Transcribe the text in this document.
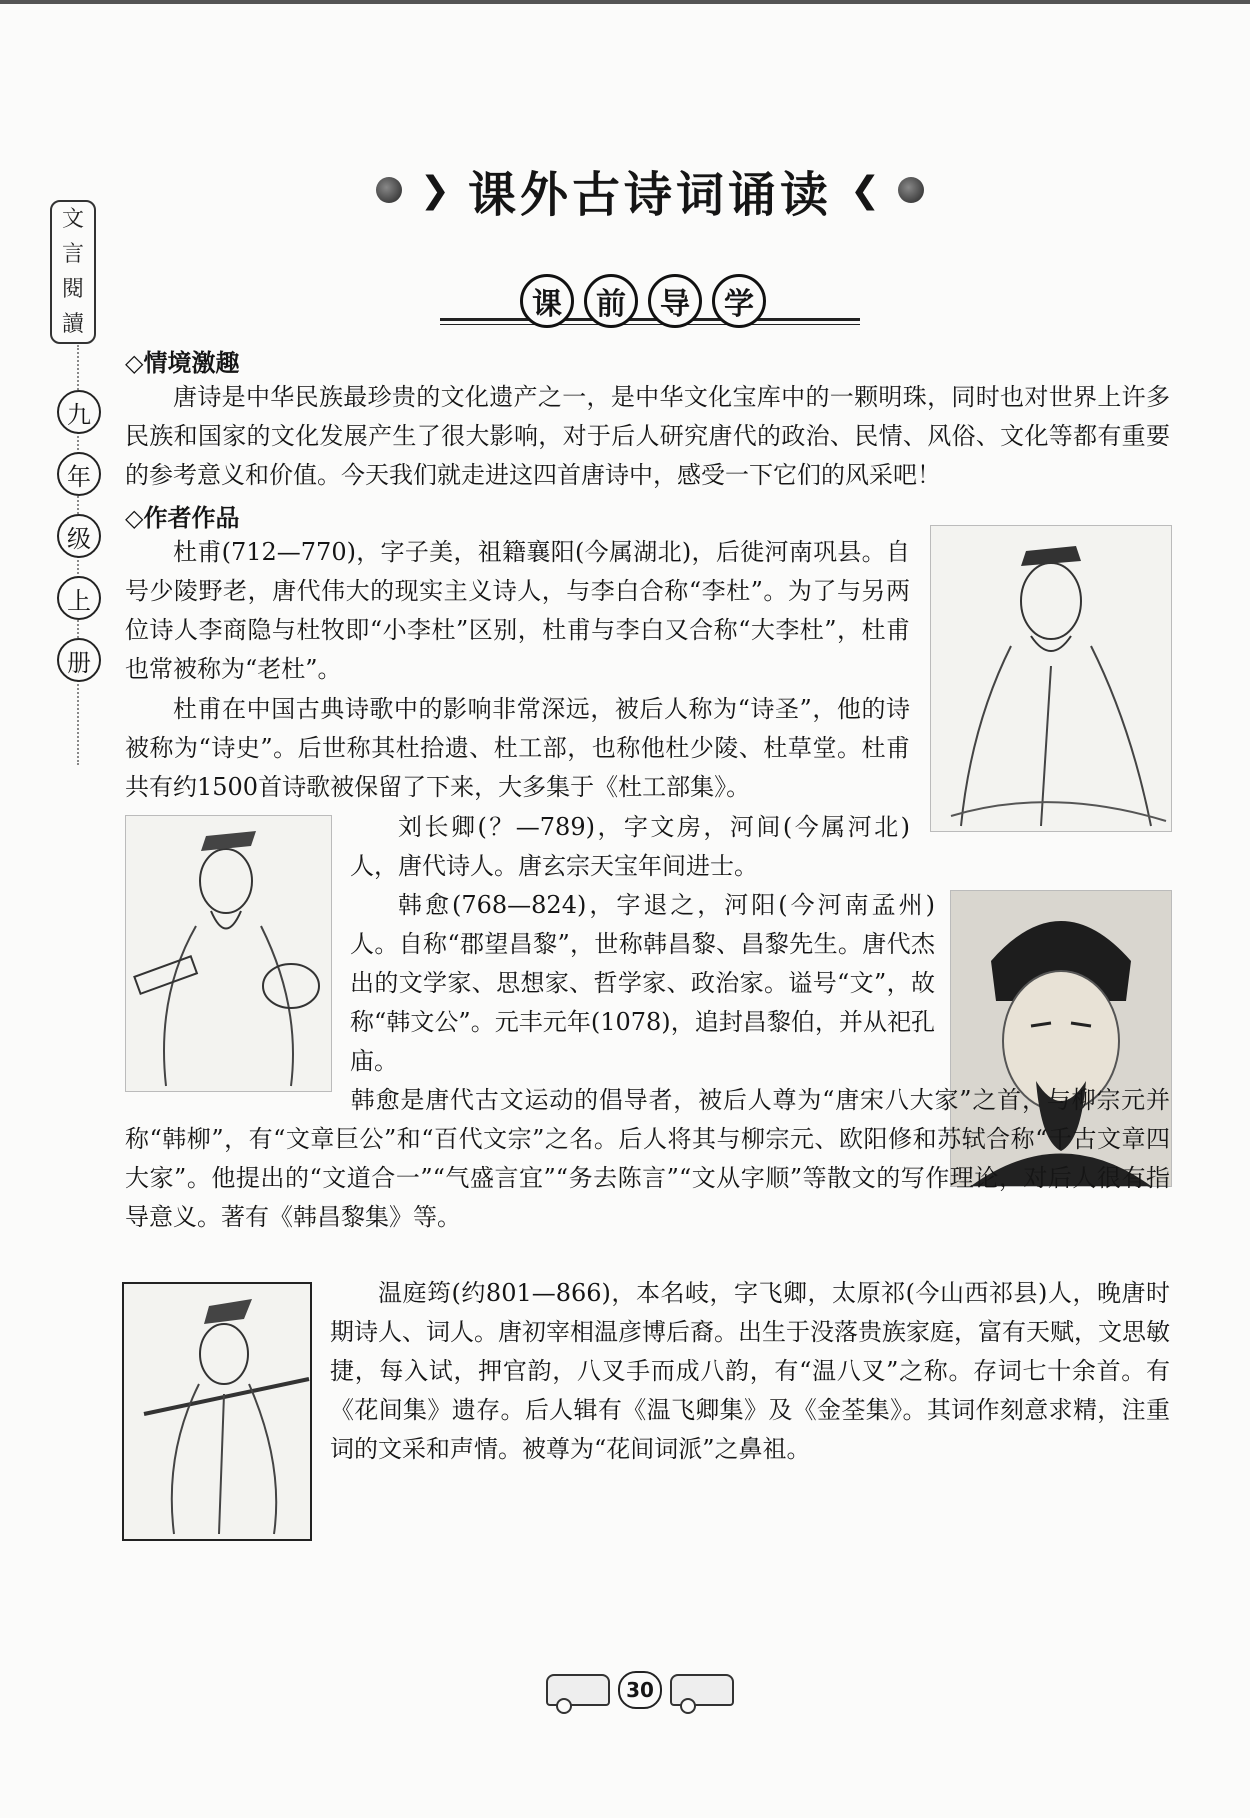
文
言
閱
讀
九
年
级
上
册
❯ 课外古诗词诵读 ❮
课	前	导	学
◇情境激趣
唐诗是中华民族最珍贵的文化遗产之一，是中华文化宝库中的一颗明珠，同时也对世界上许多民族和国家的文化发展产生了很大影响，对于后人研究唐代的政治、民情、风俗、文化等都有重要的参考意义和价值。今天我们就走进这四首唐诗中，感受一下它们的风采吧！
◇作者作品
杜甫(712—770)，字子美，祖籍襄阳(今属湖北)，后徙河南巩县。自号少陵野老，唐代伟大的现实主义诗人，与李白合称“李杜”。为了与另两位诗人李商隐与杜牧即“小李杜”区别，杜甫与李白又合称“大李杜”，杜甫也常被称为“老杜”。
杜甫在中国古典诗歌中的影响非常深远，被后人称为“诗圣”，他的诗被称为“诗史”。后世称其杜拾遗、杜工部，也称他杜少陵、杜草堂。杜甫共有约1500首诗歌被保留了下来，大多集于《杜工部集》。
刘长卿(？—789)，字文房，河间(今属河北)人，唐代诗人。唐玄宗天宝年间进士。
韩愈(768—824)，字退之，河阳(今河南孟州)人。自称“郡望昌黎”，世称韩昌黎、昌黎先生。唐代杰出的文学家、思想家、哲学家、政治家。谥号“文”，故称“韩文公”。元丰元年(1078)，追封昌黎伯，并从祀孔庙。
韩愈是唐代古文运动的倡导者，被后人尊为“唐宋八大家”之首，与柳宗元并称“韩柳”，有“文章巨公”和“百代文宗”之名。后人将其与柳宗元、欧阳修和苏轼合称“千古文章四大家”。他提出的“文道合一”“气盛言宜”“务去陈言”“文从字顺”等散文的写作理论，对后人很有指导意义。著有《韩昌黎集》等。
温庭筠(约801—866)，本名岐，字飞卿，太原祁(今山西祁县)人，晚唐时期诗人、词人。唐初宰相温彦博后裔。出生于没落贵族家庭，富有天赋，文思敏捷，每入试，押官韵，八叉手而成八韵，有“温八叉”之称。存词七十余首。有《花间集》遗存。后人辑有《温飞卿集》及《金荃集》。其词作刻意求精，注重词的文采和声情。被尊为“花间词派”之鼻祖。
30
